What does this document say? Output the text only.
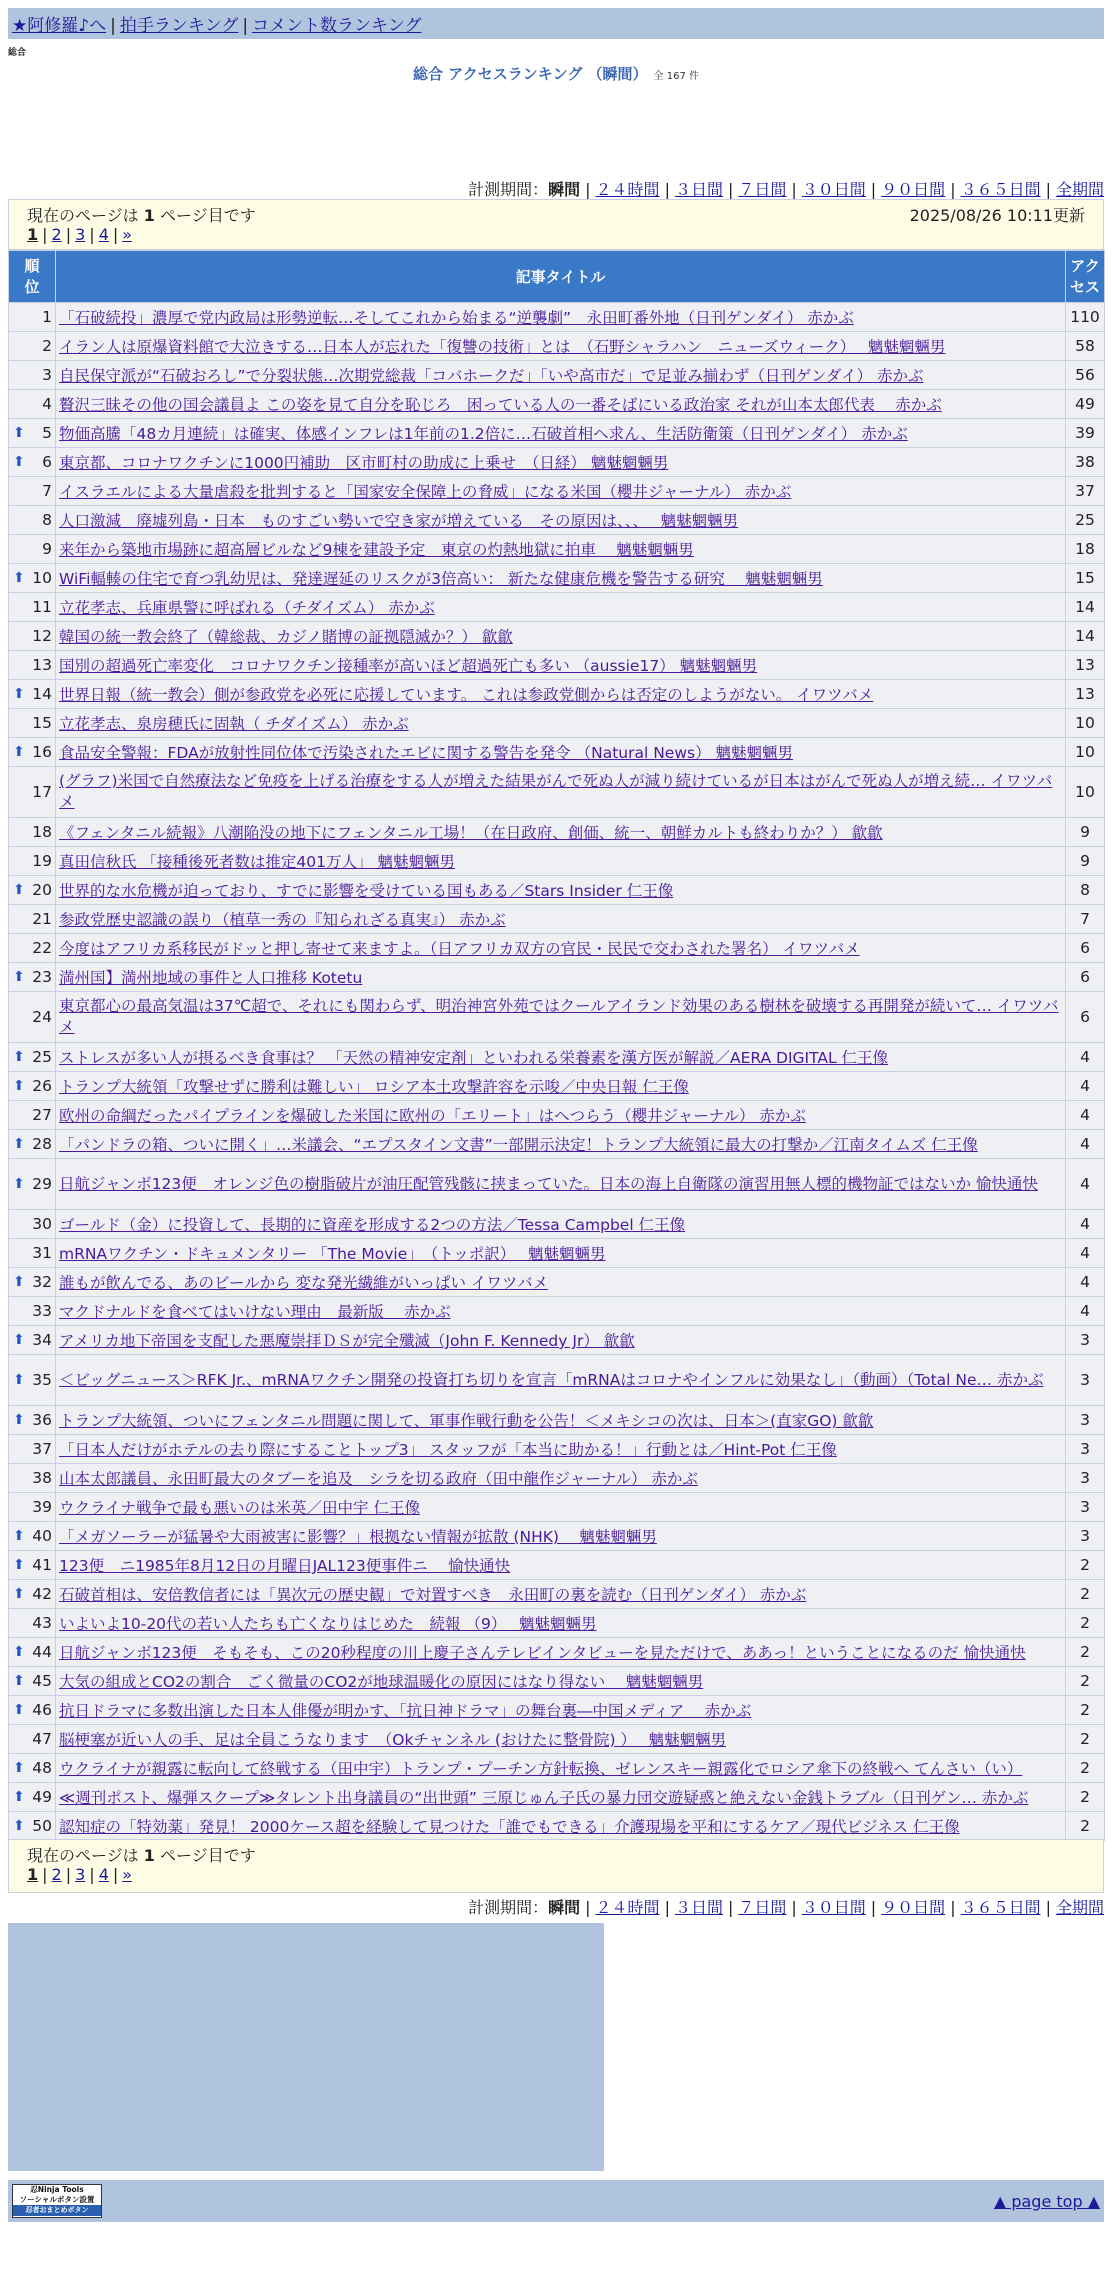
★阿修羅♪へ | 拍手ランキング | コメント数ランキング
総合
総合 アクセスランキング （瞬間） 全 167 件
計測期間：瞬間 | ２４時間 | ３日間 | ７日間 | ３０日間 | ９０日間 | ３６５日間 | 全期間
現在のページは 1 ページ目です	2025/08/26 10:11更新
1 | 2 | 3 | 4 | »
順位	記事タイトル	アクセス
1	「石破続投」濃厚で党内政局は形勢逆転…そしてこれから始まる“逆襲劇”　永田町番外地（日刊ゲンダイ） 赤かぶ	110
2	イラン人は原爆資料館で大泣きする…日本人が忘れた「復讐の技術」とは　（石野シャラハン　ニューズウィーク）　 魑魅魍魎男	58
3	自民保守派が“石破おろし”で分裂状態…次期党総裁「コバホークだ」「いや高市だ」で足並み揃わず（日刊ゲンダイ） 赤かぶ	56
4	贅沢三昧その他の国会議員よ この姿を見て自分を恥じろ　困っている人の一番そばにいる政治家 それが山本太郎代表　 赤かぶ	49

⬆ 5	物価高騰「48カ月連続」は確実、体感インフレは1年前の1.2倍に…石破首相へ求ん、生活防衛策（日刊ゲンダイ） 赤かぶ	39

⬆ 6	東京都、コロナワクチンに1000円補助　区市町村の助成に上乗せ　（日経） 魑魅魍魎男	38
7	イスラエルによる大量虐殺を批判すると「国家安全保障上の脅威」になる米国（櫻井ジャーナル） 赤かぶ	37
8	人口激減　廃墟列島・日本　ものすごい勢いで空き家が増えている　その原因は、、、　 魑魅魍魎男	25
9	来年から築地市場跡に超高層ビルなど9棟を建設予定　東京の灼熱地獄に拍車　 魑魅魍魎男	18

⬆ 10	WiFi輻輳の住宅で育つ乳幼児は、発達遅延のリスクが3倍高い： 新たな健康危機を警告する研究　 魑魅魍魎男	15
11	立花孝志、兵庫県警に呼ばれる（チダイズム） 赤かぶ	14
12	韓国の統一教会終了（韓総裁、カジノ賭博の証拠隠滅か？） 歙歙	14
13	国別の超過死亡率変化　コロナワクチン接種率が高いほど超過死亡も多い （aussie17） 魑魅魍魎男	13

⬆ 14	世界日報（統一教会）側が参政党を必死に応援しています。 これは参政党側からは否定のしようがない。 イワツバメ	13
15	立花孝志、泉房穂氏に固執（ チダイズム） 赤かぶ	10

⬆ 16	食品安全警報：FDAが放射性同位体で汚染されたエビに関する警告を発令 （Natural News） 魑魅魍魎男	10
17	(グラフ)米国で自然療法など免疫を上げる治療をする人が増えた結果がんで死ぬ人が減り続けているが日本はがんで死ぬ人が増え続… イワツバメ	10
18	《フェンタニル続報》八潮陥没の地下にフェンタニル工場！（在日政府、創価、統一、朝鮮カルトも終わりか？） 歙歙	9
19	真田信秋氏 「接種後死者数は推定401万人」 魑魅魍魎男	9

⬆ 20	世界的な水危機が迫っており、すでに影響を受けている国もある／Stars Insider 仁王像	8
21	参政党歴史認識の誤り（植草一秀の『知られざる真実』） 赤かぶ	7
22	今度はアフリカ系移民がドッと押し寄せて来ますよ。（日アフリカ双方の官民・民民で交わされた署名） イワツバメ	6

⬆ 23	満州国】満州地域の事件と人口推移 Kotetu	6
24	東京都心の最高気温は37℃超で、それにも関わらず、明治神宮外苑ではクールアイランド効果のある樹林を破壊する再開発が続いて… イワツバメ	6

⬆ 25	ストレスが多い人が摂るべき食事は？ 「天然の精神安定剤」といわれる栄養素を漢方医が解説／AERA DIGITAL 仁王像	4

⬆ 26	トランプ大統領「攻撃せずに勝利は難しい」 ロシア本土攻撃許容を示唆／中央日報 仁王像	4
27	欧州の命綱だったパイプラインを爆破した米国に欧州の「エリート」はへつらう（櫻井ジャーナル） 赤かぶ	4

⬆ 28	「パンドラの箱、ついに開く」…米議会、“エプスタイン文書”一部開示決定！トランプ大統領に最大の打撃か／江南タイムズ 仁王像	4

⬆ 29	日航ジャンボ123便　オレンジ色の樹脂破片が油圧配管残骸に挟まっていた。日本の海上自衛隊の演習用無人標的機物証ではないか 愉快通快	4
30	ゴールド（金）に投資して、長期的に資産を形成する2つの方法／Tessa Campbel 仁王像	4
31	mRNAワクチン・ドキュメンタリー 「The Movie」　（トッポ訳）　 魑魅魍魎男	4

⬆ 32	誰もが飲んでる、あのビールから 変な発光繊維がいっぱい イワツバメ	4
33	マクドナルドを食べてはいけない理由　最新版　 赤かぶ	4

⬆ 34	アメリカ地下帝国を支配した悪魔崇拝ＤＳが完全殲滅（John F. Kennedy Jr） 歙歙	3

⬆ 35	＜ビッグニュース＞RFK Jr.、mRNAワクチン開発の投資打ち切りを宣言「mRNAはコロナやインフルに効果なし」（動画）（Total Ne… 赤かぶ	3

⬆ 36	トランプ大統領、ついにフェンタニル問題に関して、軍事作戦行動を公告！＜メキシコの次は、日本＞(直家GO) 歙歙	3
37	「日本人だけがホテルの去り際にすることトップ3」 スタッフが「本当に助かる！」行動とは／Hint-Pot 仁王像	3
38	山本太郎議員、永田町最大のタブーを追及　シラを切る政府（田中龍作ジャーナル） 赤かぶ	3
39	ウクライナ戦争で最も悪いのは米英／田中宇 仁王像	3

⬆ 40	「メガソーラーが猛暑や大雨被害に影響？」根拠ない情報が拡散 (NHK)　 魑魅魍魎男	3

⬆ 41	123便　ニ1985年8月12日の月曜日JAL123便事件ニ　 愉快通快	2

⬆ 42	石破首相は、安倍教信者には「異次元の歴史観」で対置すべき　永田町の裏を読む（日刊ゲンダイ） 赤かぶ	2
43	いよいよ10-20代の若い人たちも亡くなりはじめた　続報 （9）　 魑魅魍魎男	2

⬆ 44	日航ジャンボ123便　そもそも、この20秒程度の川上慶子さんテレビインタビューを見ただけで、ああっ！ということになるのだ 愉快通快	2

⬆ 45	大気の組成とCO2の割合　ごく微量のCO2が地球温暖化の原因にはなり得ない　 魑魅魍魎男	2

⬆ 46	抗日ドラマに多数出演した日本人俳優が明かす、「抗日神ドラマ」の舞台裏―中国メディア　 赤かぶ	2
47	脳梗塞が近い人の手、足は全員こうなります　（Okチャンネル (おけたに整骨院) ）　 魑魅魍魎男	2

⬆ 48	ウクライナが親露に転向して終戦する（田中宇）トランプ・プーチン方針転換、ゼレンスキー親露化でロシア傘下の終戦へ てんさい（い）	2

⬆ 49	≪週刊ポスト、爆弾スクープ≫タレント出身議員の“出世頭” 三原じゅん子氏の暴力団交遊疑惑と絶えない金銭トラブル（日刊ゲン… 赤かぶ	2

⬆ 50	認知症の「特効薬」発見！ 2000ケース超を経験して見つけた「誰でもできる」介護現場を平和にするケア／現代ビジネス 仁王像	2
現在のページは 1 ページ目です
1 | 2 | 3 | 4 | »
計測期間：瞬間 | ２４時間 | ３日間 | ７日間 | ３０日間 | ９０日間 | ３６５日間 | 全期間
忍Ninja Tools
ソーシャルボタン設置
忍者おまとめボタン	▲ page top ▲
